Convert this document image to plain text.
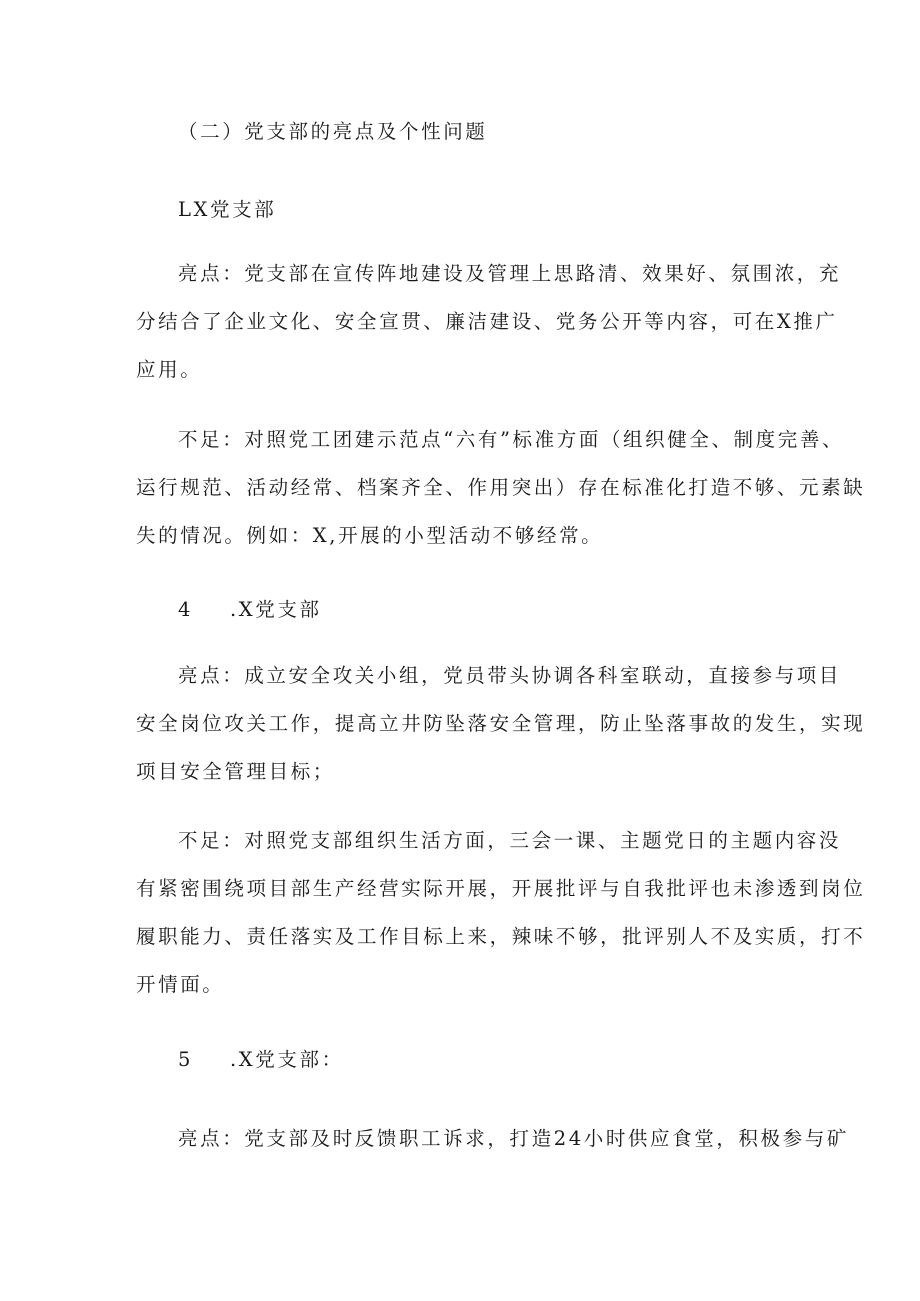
（二）党支部的亮点及个性问题
LX党支部
亮点：党支部在宣传阵地建设及管理上思路清、效果好、氛围浓，充
分结合了企业文化、安全宣贯、廉洁建设、党务公开等内容，可在X推广
应用。
不足：对照党工团建示范点“六有”标准方面（组织健全、制度完善、
运行规范、活动经常、档案齐全、作用突出）存在标准化打造不够、元素缺
失的情况。例如：X,开展的小型活动不够经常。
4 .X党支部
亮点：成立安全攻关小组，党员带头协调各科室联动，直接参与项目
安全岗位攻关工作，提高立井防坠落安全管理，防止坠落事故的发生，实现
项目安全管理目标；
不足：对照党支部组织生活方面，三会一课、主题党日的主题内容没
有紧密围绕项目部生产经营实际开展，开展批评与自我批评也未渗透到岗位
履职能力、责任落实及工作目标上来，辣味不够，批评别人不及实质，打不
开情面。
5 .X党支部：
亮点：党支部及时反馈职工诉求，打造24小时供应食堂，积极参与矿
